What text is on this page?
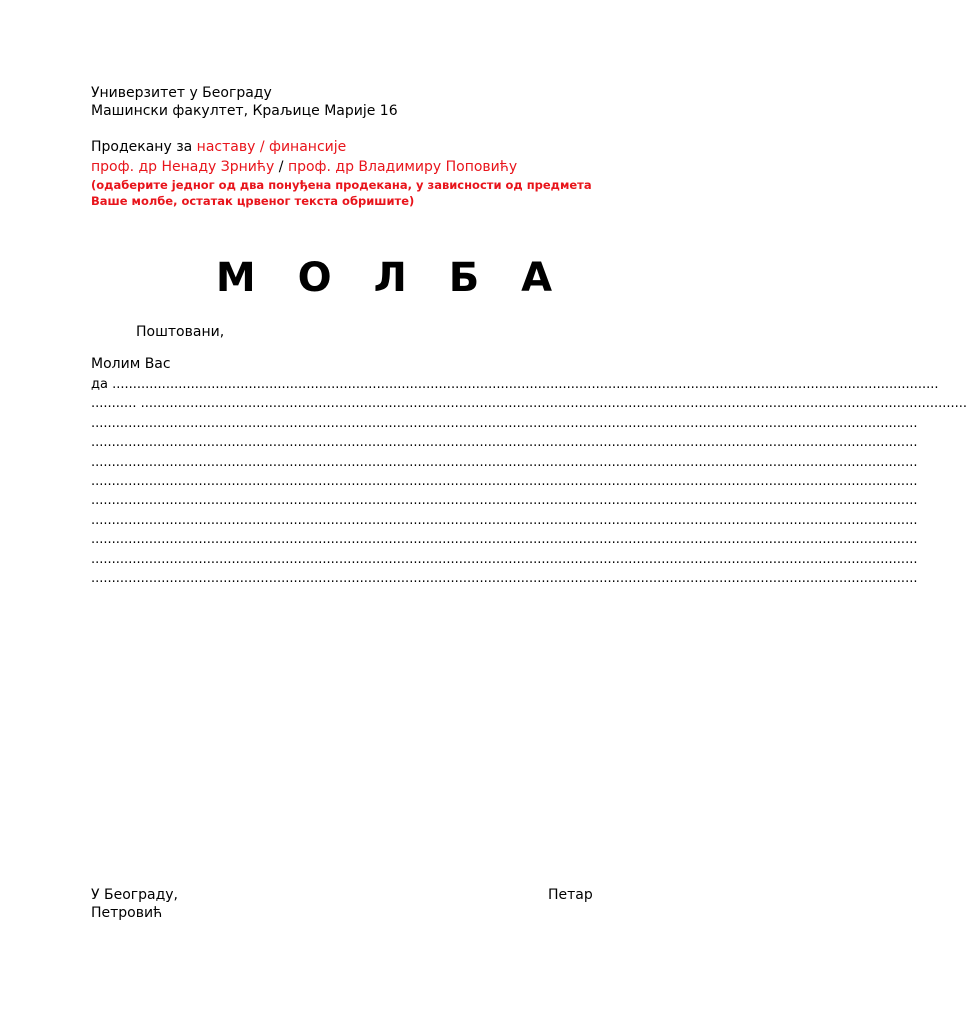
Универзитет у Београду
Машински факултет, Краљице Марије 16
Продекану за наставу / финансије
проф. др Ненаду Зрнићу / проф. др Владимиру Поповићу
(одаберите једног од два понуђена продекана, у зависности од предмета
Ваше молбе, остатак црвеног текста обришите)
М О Л Б А
Поштовани,
Молим Вас
да ........................................................................................................................................................................................................
........... ........................................................................................................................................................................................................
........................................................................................................................................................................................................
........................................................................................................................................................................................................
........................................................................................................................................................................................................
........................................................................................................................................................................................................
........................................................................................................................................................................................................
........................................................................................................................................................................................................
........................................................................................................................................................................................................
........................................................................................................................................................................................................
........................................................................................................................................................................................................
У Београду,
Петровић
Петар
